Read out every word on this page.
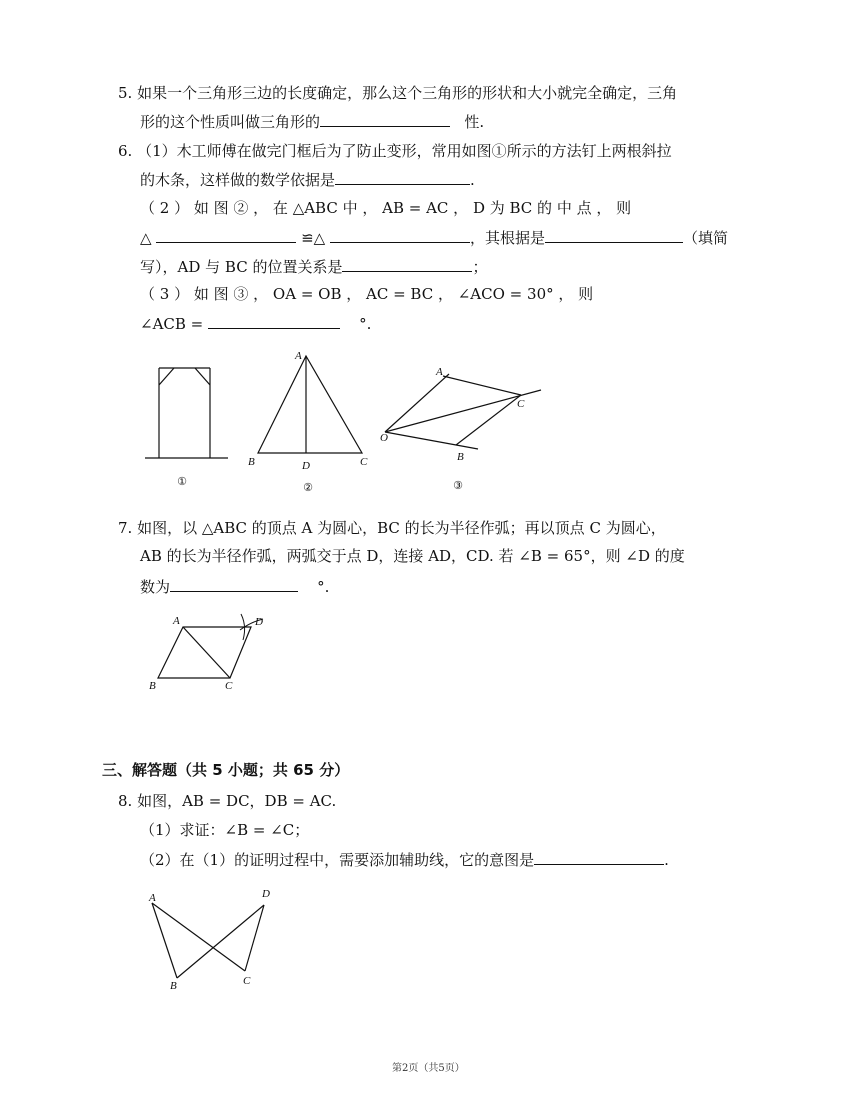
5. 如果一个三角形三边的长度确定，那么这个三角形的形状和大小就完全确定，三角
形的这个性质叫做三角形的	性.
6. （1）木工师傅在做完门框后为了防止变形，常用如图①所示的方法钉上两根斜拉
的木条，这样做的数学依据是	.
（ 2 ） 如 图 ② ， 在 △ABC 中 ， AB = AC ， D 为 BC 的 中 点 ， 则
△	≌△	，其根据是	（填简
写），AD 与 BC 的位置关系是	；
（ 3 ） 如 图 ③ ， OA = OB ， AC = BC ， ∠ACO = 30° ， 则
∠ACB =	°.
①
A
B	C
D
②
A
C
O
B
③
7. 如图，以 △ABC 的顶点 A 为圆心，BC 的长为半径作弧；再以顶点 C 为圆心，
AB 的长为半径作弧，两弧交于点 D，连接 AD，CD. 若 ∠B = 65°，则 ∠D 的度
数为	°.
A
B	C
D
三、解答题（共 5 小题；共 65 分）
8. 如图，AB = DC，DB = AC.
（1）求证：∠B = ∠C；
（2）在（1）的证明过程中，需要添加辅助线，它的意图是	.
A
B	C
D
第2页（共5页）
